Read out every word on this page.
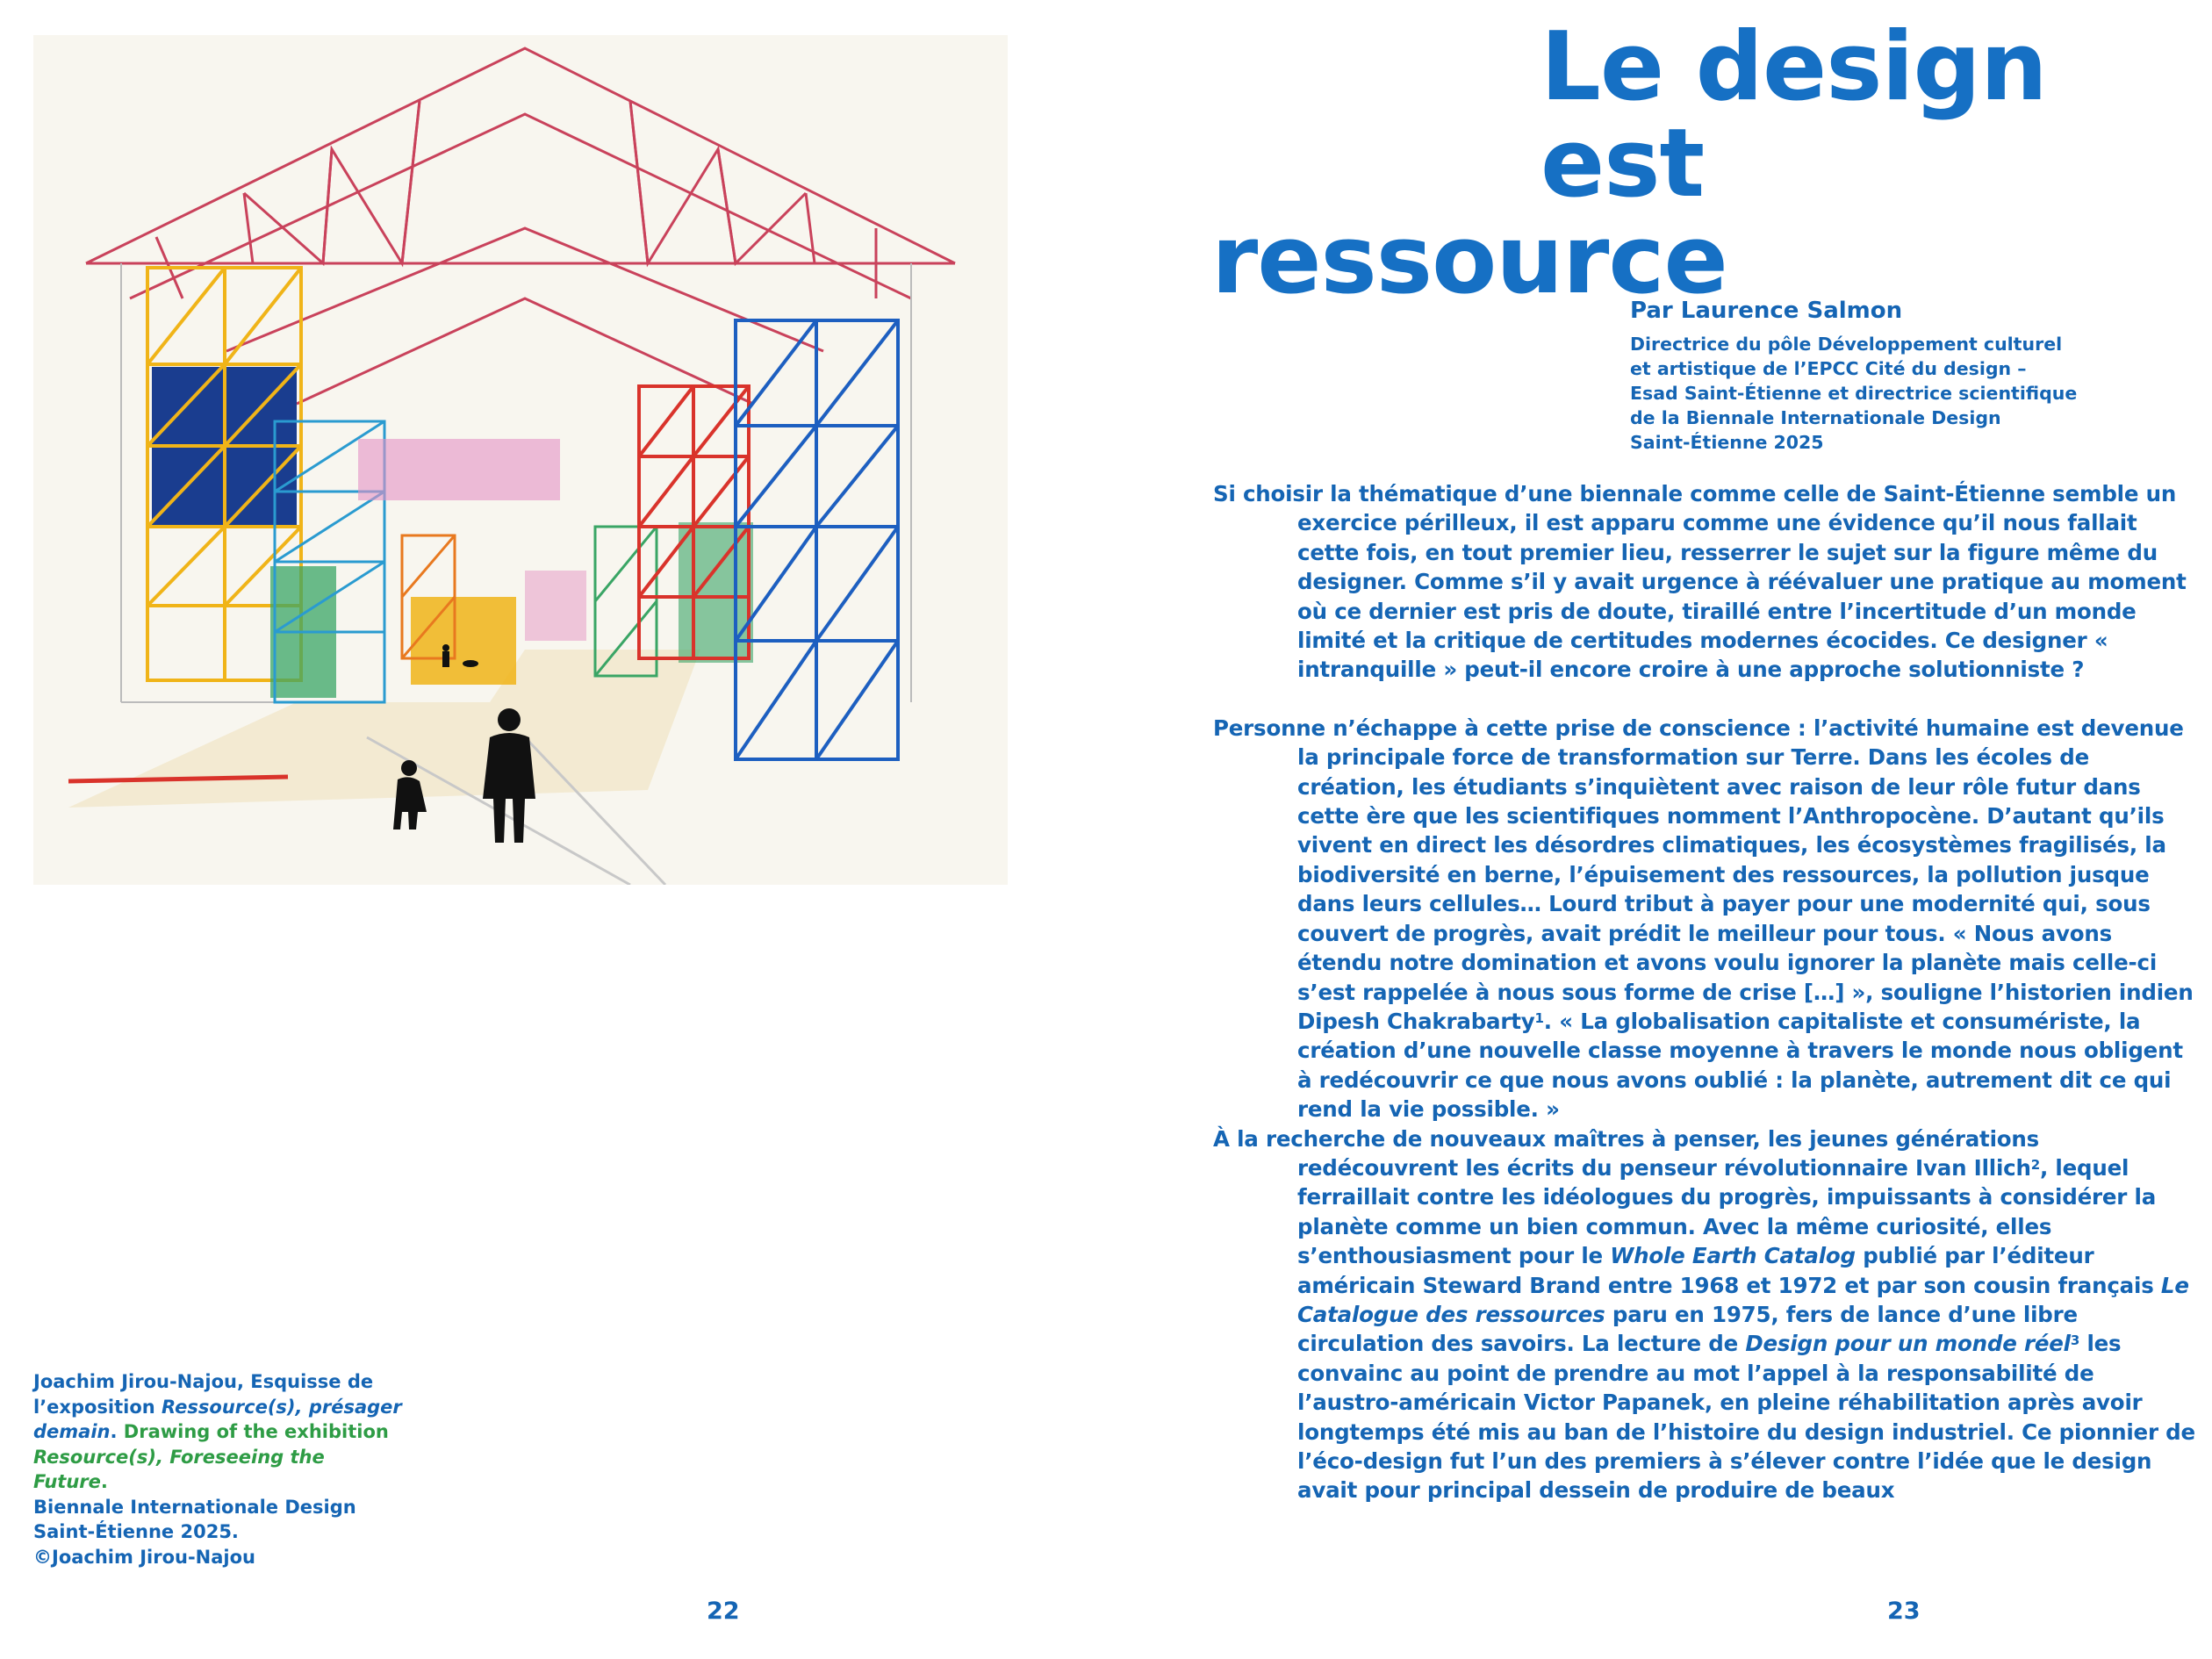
Joachim Jirou-Najou, Esquisse de l’exposition Ressource(s), présager demain. Drawing of the exhibition Resource(s), Foreseeing the Future.
Biennale Internationale Design Saint-Étienne 2025.
©Joachim Jirou-Najou
22	23
Le design est
ressource
Par Laurence Salmon
Directrice du pôle Développement culturel
et artistique de l’EPCC Cité du design –
Esad Saint-Étienne et directrice scientifique
de la Biennale Internationale Design
Saint-Étienne 2025

Si choisir la thématique d’une biennale comme celle de Saint-Étienne semble un exercice périlleux, il est apparu comme une évidence qu’il nous fallait cette fois, en tout premier lieu, resserrer le sujet sur la figure même du designer. Comme s’il y avait urgence à réévaluer une pratique au moment où ce dernier est pris de doute, tiraillé entre l’incertitude d’un monde limité et la critique de certitudes modernes écocides. Ce designer « intranquille » peut-il encore croire à une approche solutionniste ?

Personne n’échappe à cette prise de conscience : l’activité humaine est devenue la principale force de transformation sur Terre. Dans les écoles de création, les étudiants s’inquiètent avec raison de leur rôle futur dans cette ère que les scientifiques nomment l’Anthropocène. D’autant qu’ils vivent en direct les désordres climatiques, les écosystèmes fragilisés, la biodiversité en berne, l’épuisement des ressources, la pollution jusque dans leurs cellules… Lourd tribut à payer pour une modernité qui, sous couvert de progrès, avait prédit le meilleur pour tous. « Nous avons étendu notre domination et avons voulu ignorer la planète mais celle-ci s’est rappelée à nous sous forme de crise […] », souligne l’historien indien Dipesh Chakrabarty$^1$. « La globalisation capitaliste et consumériste, la création d’une nouvelle classe moyenne à travers le monde nous obligent à redécouvrir ce que nous avons oublié : la planète, autrement dit ce qui rend la vie possible. »

À la recherche de nouveaux maîtres à penser, les jeunes générations redécouvrent les écrits du penseur révolutionnaire Ivan Illich$^2$, lequel ferraillait contre les idéologues du progrès, impuissants à considérer la planète comme un bien commun. Avec la même curiosité, elles s’enthousiasment pour le Whole Earth Catalog publié par l’éditeur américain Steward Brand entre 1968 et 1972 et par son cousin français Le Catalogue des ressources paru en 1975, fers de lance d’une libre circulation des savoirs. La lecture de Design pour un monde réel$^3$ les convainc au point de prendre au mot l’appel à la responsabilité de l’austro-américain Victor Papanek, en pleine réhabilitation après avoir longtemps été mis au ban de l’histoire du design industriel. Ce pionnier de l’éco-design fut l’un des premiers à s’élever contre l’idée que le design avait pour principal dessein de produire de beaux
